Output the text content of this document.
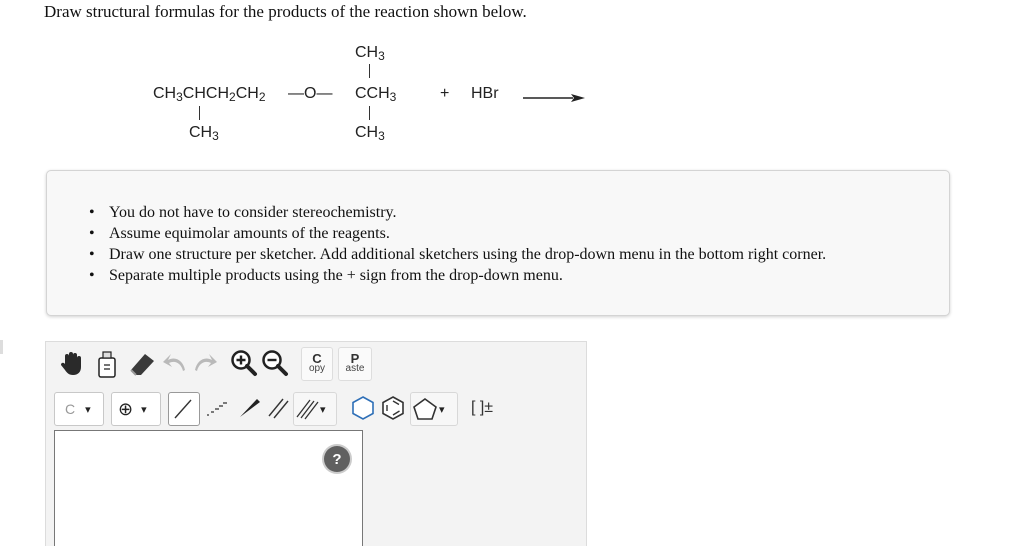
Draw structural formulas for the products of the reaction shown below.
$CH_3$
$CH_3CHCH_2CH_2$ —O— $CCH_3$
$CH_3$	$CH_3$
+ HBr
• You do not have to consider stereochemistry.
• Assume equimolar amounts of the reagents.
• Draw one structure per sketcher. Add additional sketchers using the drop-down menu in the bottom right corner.
• Separate multiple products using the + sign from the drop-down menu.
C
opy
P
aste
C ▾ ⊕ ▾	▾	▾	[ ]±
?
